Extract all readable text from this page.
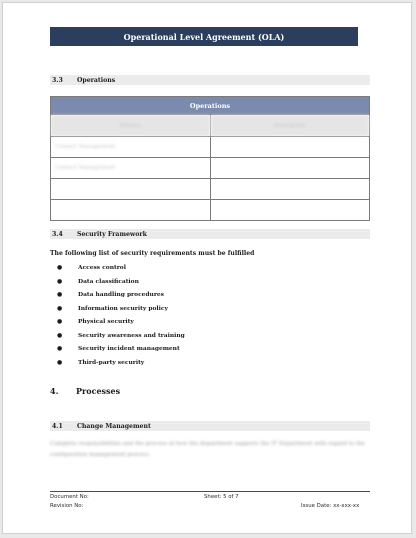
Operational Level Agreement (OLA)
3.3	Operations
Operations	
Process	Description
Contact Management	
Contact Management	

3.4	Security Framework
The following list of security requirements must be fulfilled
●	Access control
●	Data classification
●	Data handling procedures
●	Information security policy
●	Physical security
●	Security awareness and training
●	Security incident management
●	Third-party security
4.	Processes
4.1	Change Management
Complete responsibilities and the process of how the department supports the IT Department with regard to the configuration management process.
Document No:
Revision No:
Sheet: 5 of 7
Issue Date: xx-xxx-xx
